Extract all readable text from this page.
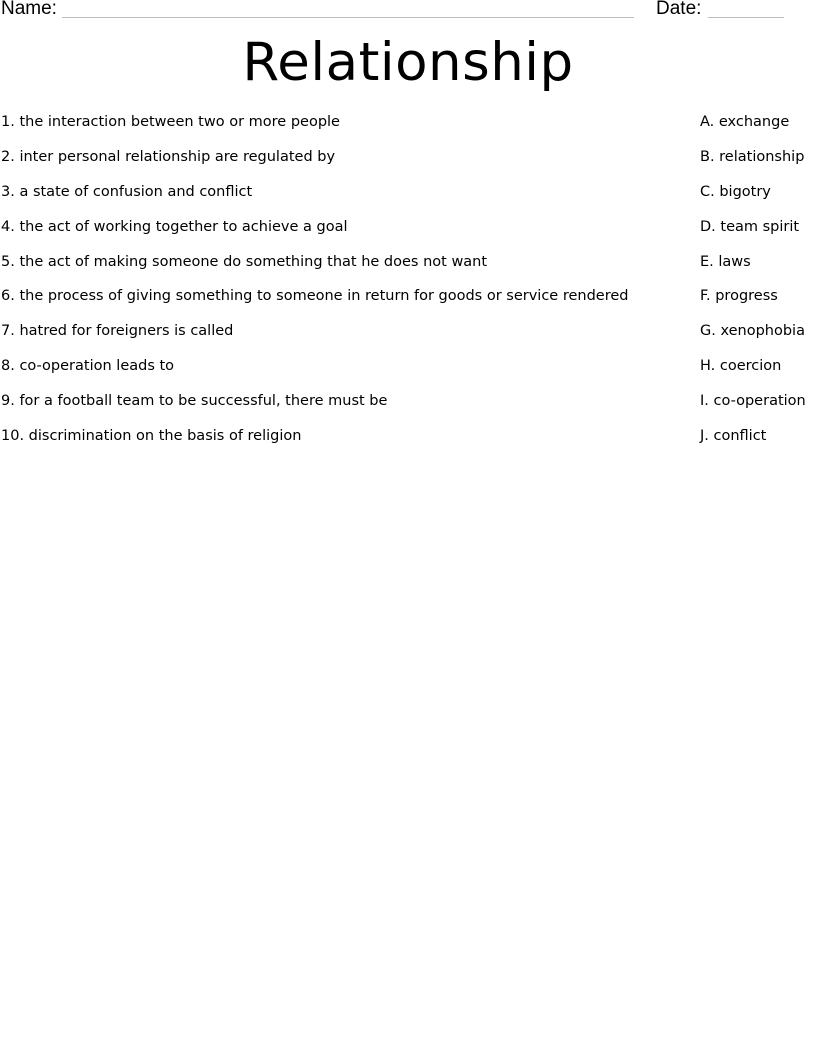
Name:	Date:
Relationship
1. the interaction between two or more people	A. exchange
2. inter personal relationship are regulated by	B. relationship
3. a state of confusion and conflict	C. bigotry
4. the act of working together to achieve a goal	D. team spirit
5. the act of making someone do something that he does not want	E. laws
6. the process of giving something to someone in return for goods or service rendered	F. progress
7. hatred for foreigners is called	G. xenophobia
8. co-operation leads to	H. coercion
9. for a football team to be successful, there must be	I. co-operation
10. discrimination on the basis of religion	J. conflict
